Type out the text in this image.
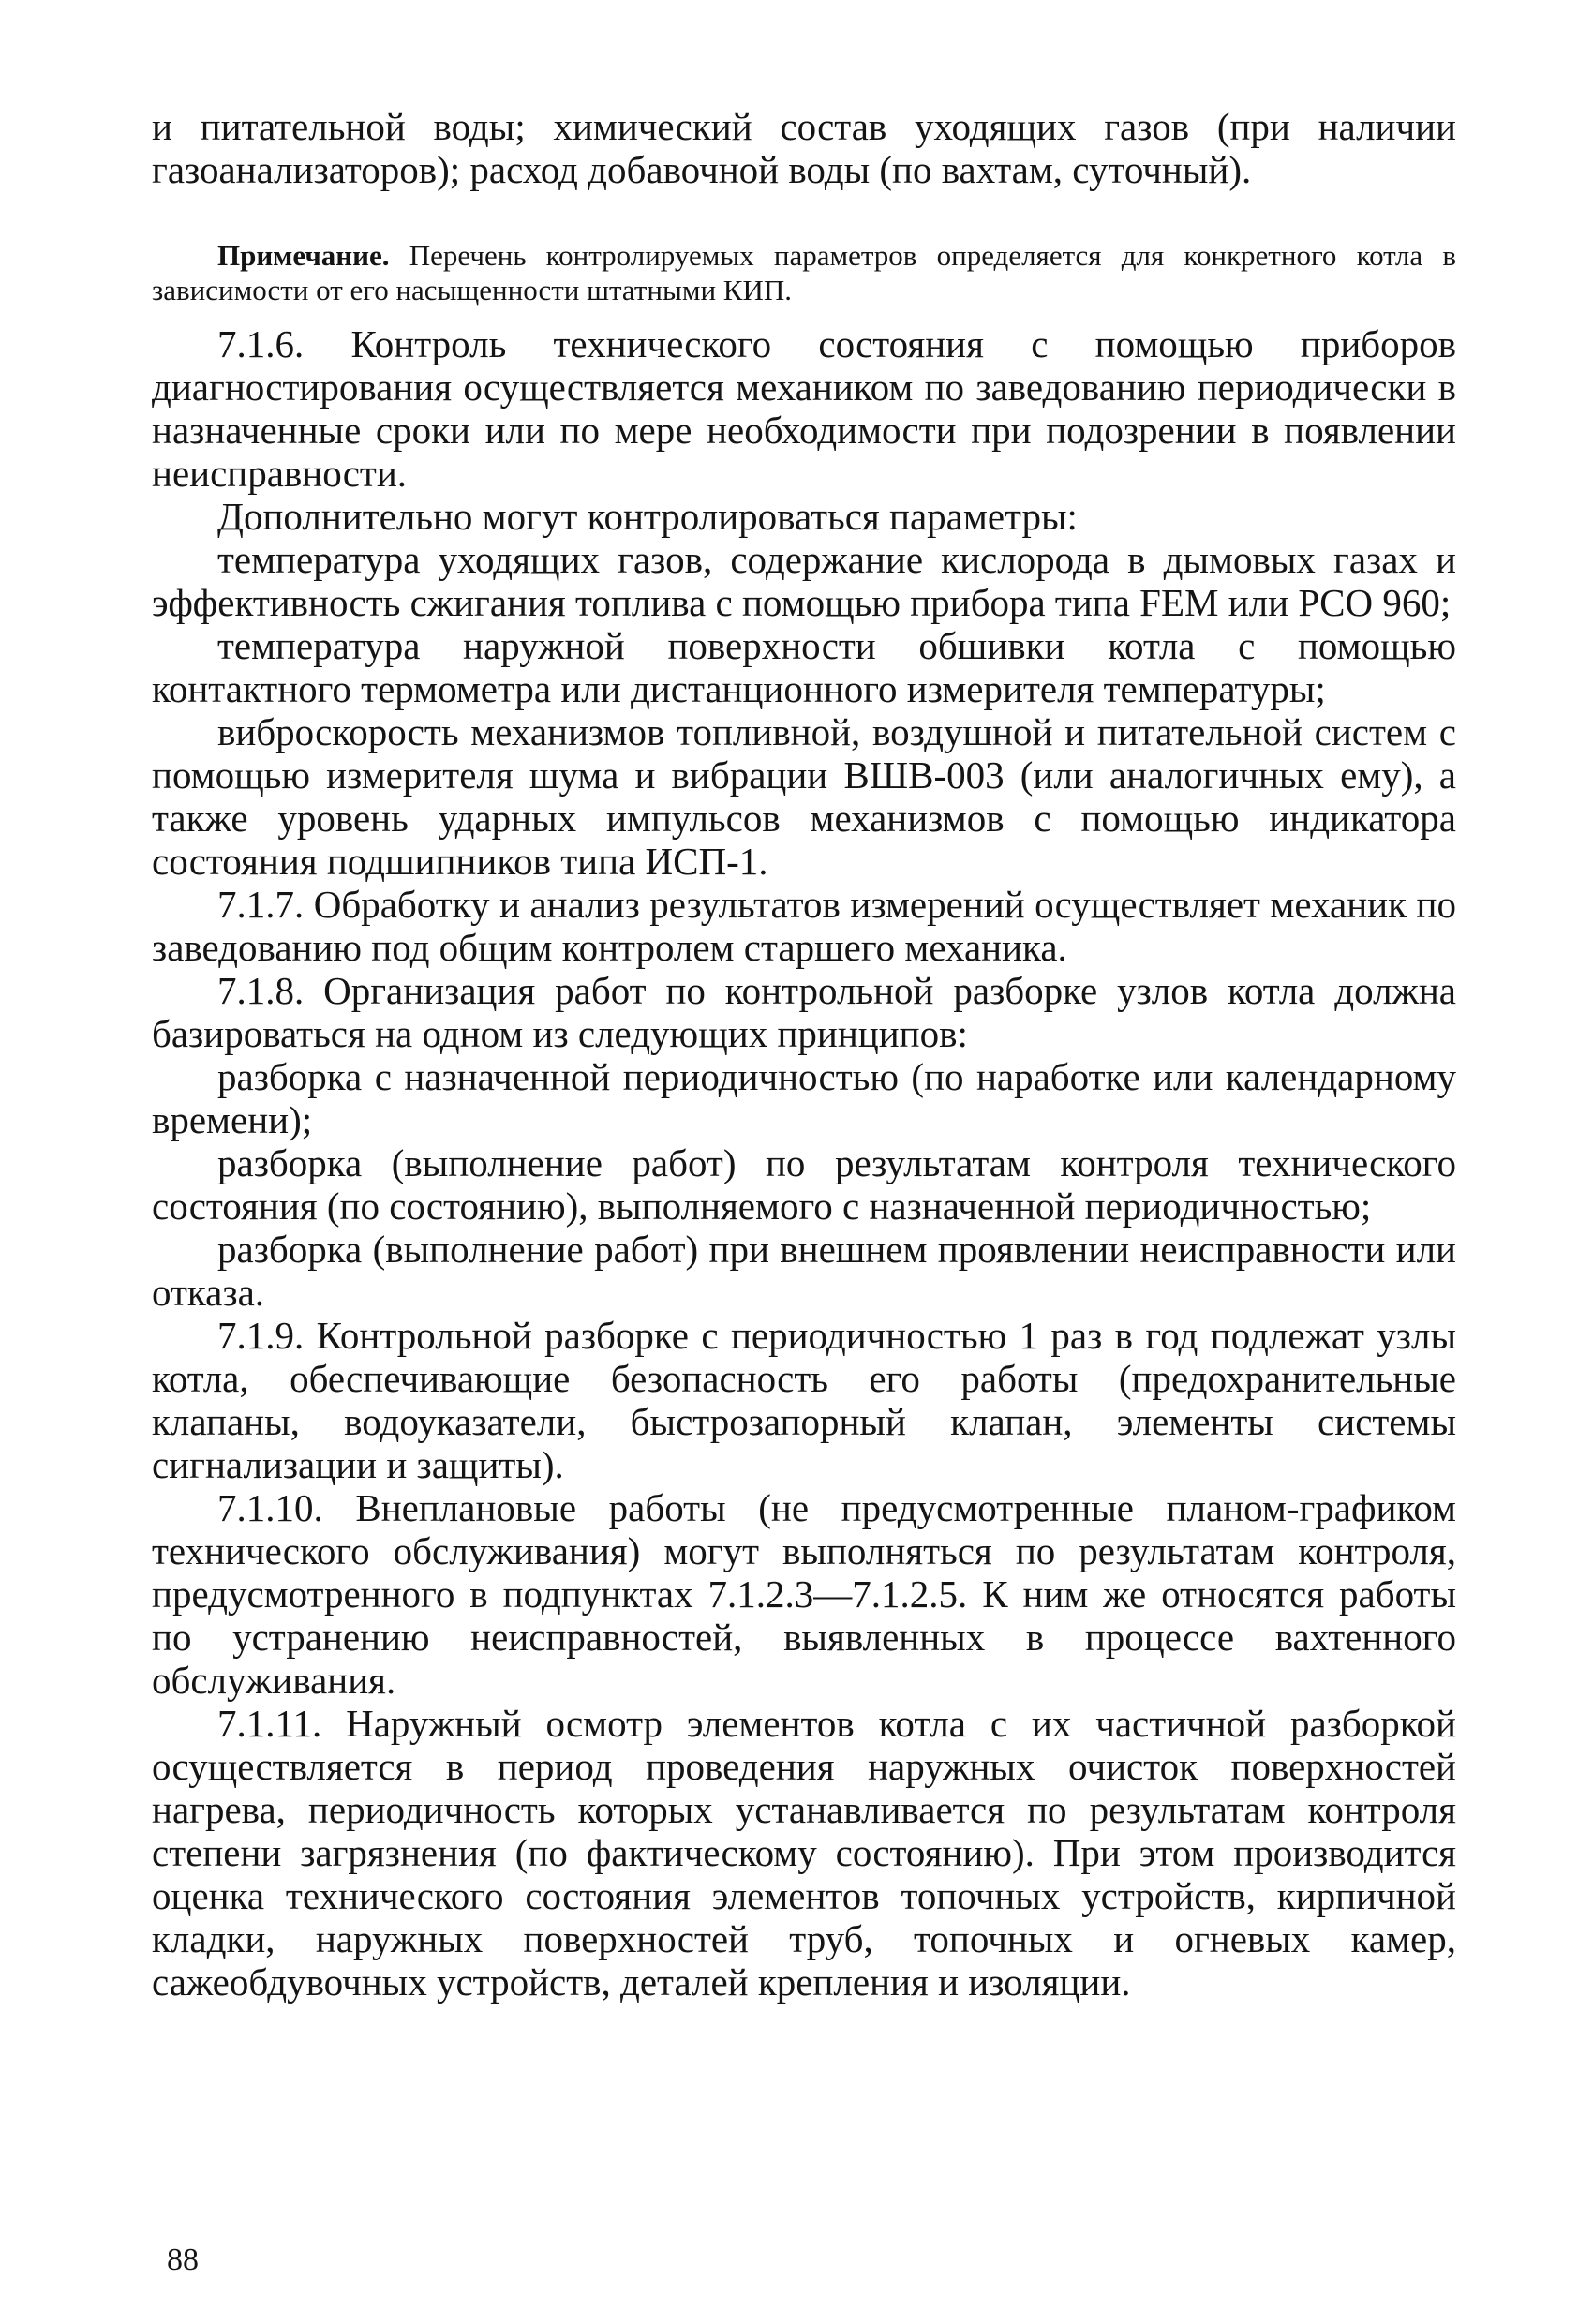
и питательной воды; химический состав уходящих газов (при наличии газоанализаторов); расход добавочной воды (по вахтам, суточный).

Примечание. Перечень контролируемых параметров определяется для конкретного котла в зависимости от его насыщенности штатными КИП.

7.1.6. Контроль технического состояния с помощью приборов диагностирования осуществляется механиком по заведованию периодически в назначенные сроки или по мере необходимости при подозрении в появлении неисправности.

Дополнительно могут контролироваться параметры:

температура уходящих газов, содержание кислорода в дымовых газах и эффективность сжигания топлива с помощью прибора типа FEM или PCO 960;

температура наружной поверхности обшивки котла с помощью контактного термометра или дистанционного измерителя температуры;

виброскорость механизмов топливной, воздушной и питательной систем с помощью измерителя шума и вибрации ВШВ-003 (или аналогичных ему), а также уровень ударных импульсов механизмов с помощью индикатора состояния подшипников типа ИСП-1.

7.1.7. Обработку и анализ результатов измерений осуществляет механик по заведованию под общим контролем старшего механика.

7.1.8. Организация работ по контрольной разборке узлов котла должна базироваться на одном из следующих принципов:

разборка с назначенной периодичностью (по наработке или календарному времени);

разборка (выполнение работ) по результатам контроля технического состояния (по состоянию), выполняемого с назначенной периодичностью;

разборка (выполнение работ) при внешнем проявлении неисправности или отказа.

7.1.9. Контрольной разборке с периодичностью 1 раз в год подлежат узлы котла, обеспечивающие безопасность его работы (предохранительные клапаны, водоуказатели, быстрозапорный клапан, элементы системы сигнализации и защиты).

7.1.10. Внеплановые работы (не предусмотренные планом-графиком технического обслуживания) могут выполняться по результатам контроля, предусмотренного в подпунктах 7.1.2.3—7.1.2.5. К ним же относятся работы по устранению неисправностей, выявленных в процессе вахтенного обслуживания.

7.1.11. Наружный осмотр элементов котла с их частичной разборкой осуществляется в период проведения наружных очисток поверхностей нагрева, периодичность которых устанавливается по результатам контроля степени загрязнения (по фактическому состоянию). При этом производится оценка технического состояния элементов топочных устройств, кирпичной кладки, наружных поверхностей труб, топочных и огневых камер, сажеобдувочных устройств, деталей крепления и изоляции.

88
